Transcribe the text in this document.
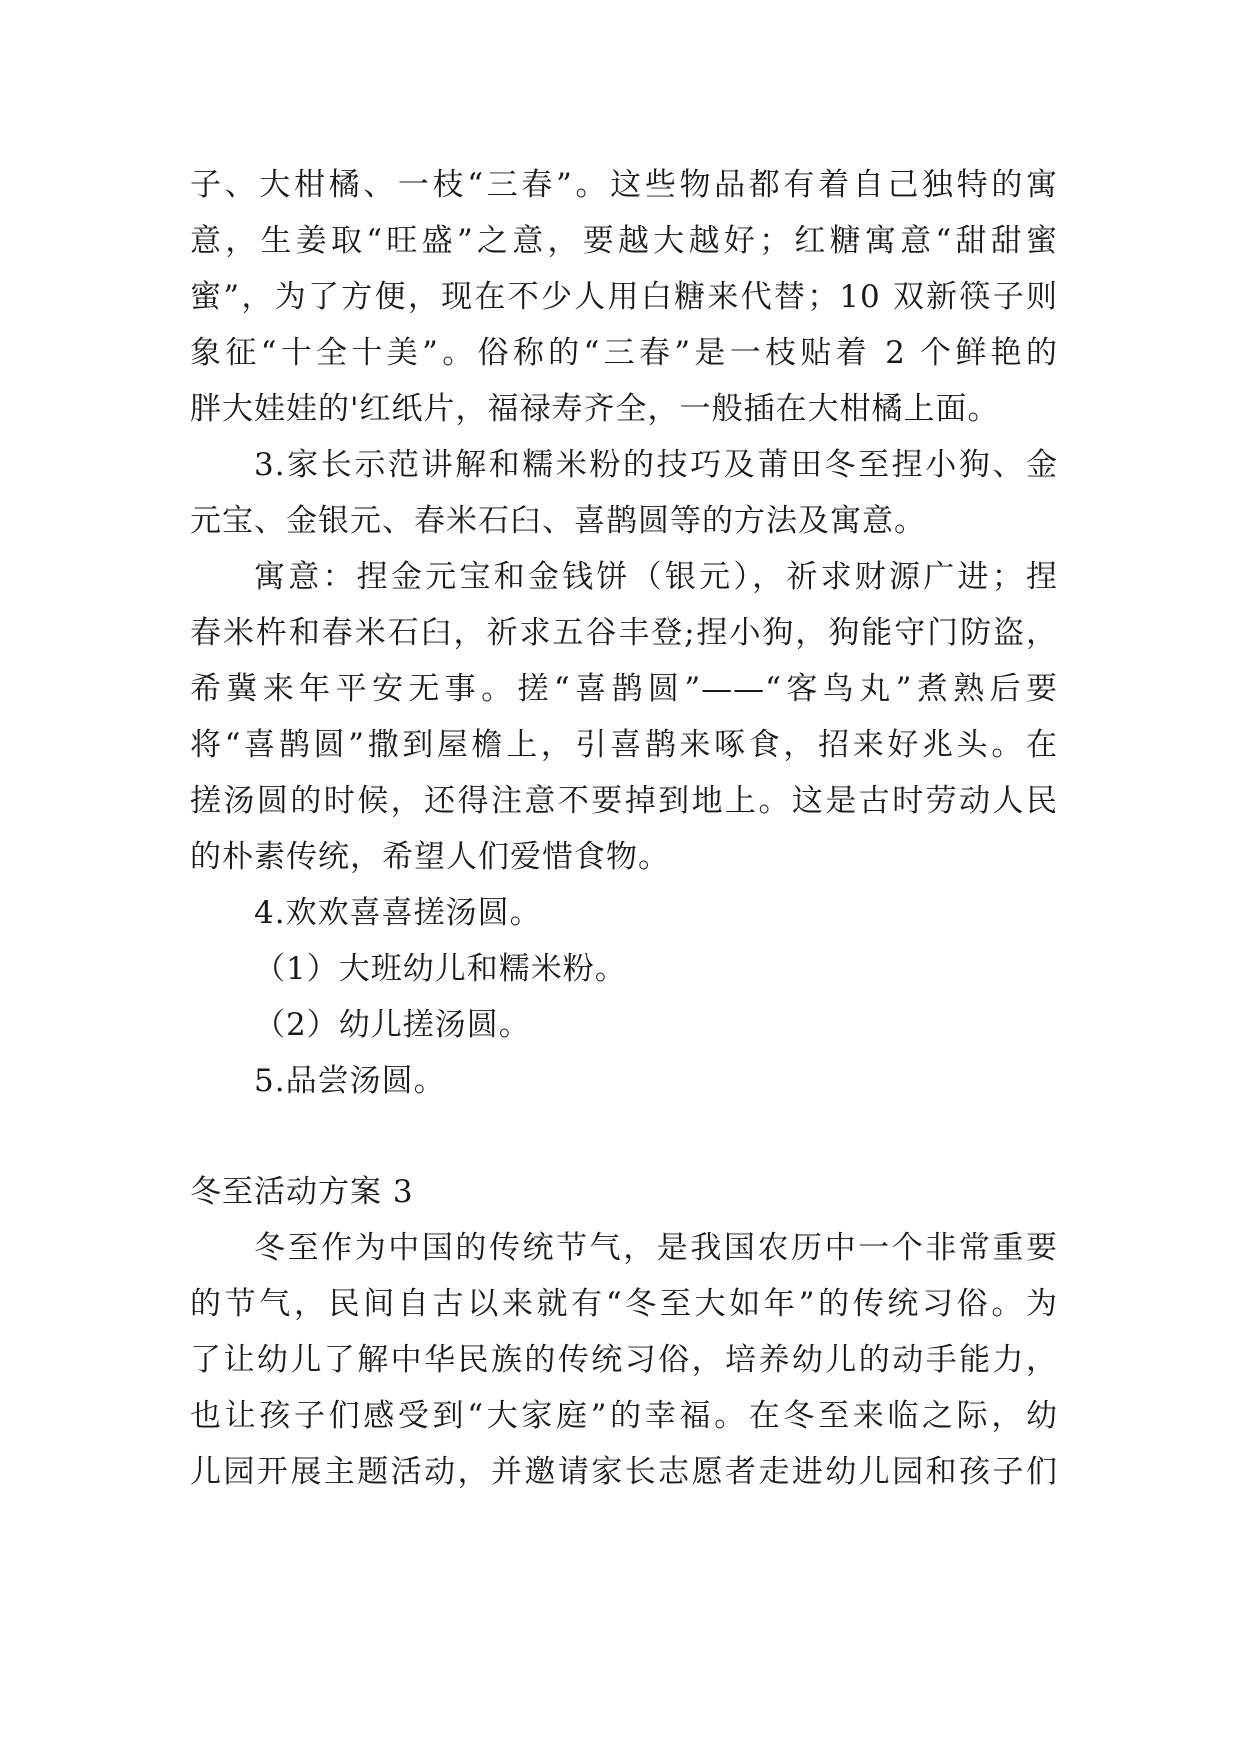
子、大柑橘、一枝“三春”。这些物品都有着自己独特的寓
意，生姜取“旺盛”之意，要越大越好；红糖寓意“甜甜蜜
蜜”，为了方便，现在不少人用白糖来代替；10 双新筷子则
象征“十全十美”。俗称的“三春”是一枝贴着 2 个鲜艳的
胖大娃娃的'红纸片，福禄寿齐全，一般插在大柑橘上面。
3.家长示范讲解和糯米粉的技巧及莆田冬至捏小狗、金
元宝、金银元、春米石臼、喜鹊圆等的方法及寓意。
寓意：捏金元宝和金钱饼（银元），祈求财源广进；捏
春米杵和春米石臼，祈求五谷丰登;捏小狗，狗能守门防盗，
希冀来年平安无事。搓“喜鹊圆”——“客鸟丸”煮熟后要
将“喜鹊圆”撒到屋檐上，引喜鹊来啄食，招来好兆头。在
搓汤圆的时候，还得注意不要掉到地上。这是古时劳动人民
的朴素传统，希望人们爱惜食物。
4.欢欢喜喜搓汤圆。
（1）大班幼儿和糯米粉。
（2）幼儿搓汤圆。
5.品尝汤圆。
冬至活动方案 3
冬至作为中国的传统节气，是我国农历中一个非常重要
的节气，民间自古以来就有“冬至大如年”的传统习俗。为
了让幼儿了解中华民族的传统习俗，培养幼儿的动手能力，
也让孩子们感受到“大家庭”的幸福。在冬至来临之际，幼
儿园开展主题活动，并邀请家长志愿者走进幼儿园和孩子们
